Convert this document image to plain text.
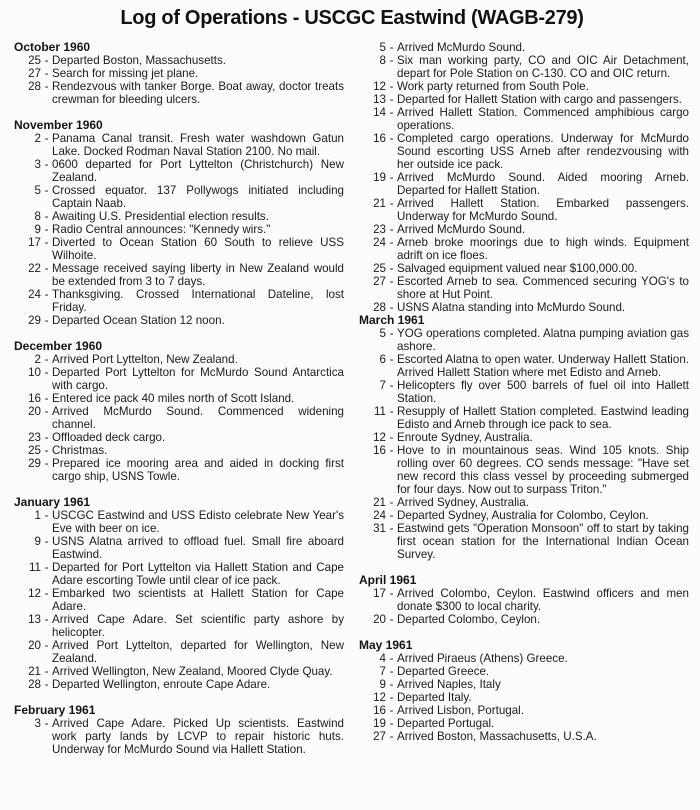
Log of Operations - USCGC Eastwind (WAGB-279)
October 1960
25 - Departed Boston, Massachusetts.
27 - Search for missing jet plane.
28 - Rendezvous with tanker Borge. Boat away, doctor treats crewman for bleeding ulcers.
November 1960
2 - Panama Canal transit. Fresh water washdown Gatun Lake. Docked Rodman Naval Station 2100. No mail.
3 - 0600 departed for Port Lyttelton (Christchurch) New Zealand.
5 - Crossed equator. 137 Pollywogs initiated including Captain Naab.
8 - Awaiting U.S. Presidential election results.
9 - Radio Central announces: "Kennedy wirs."
17 - Diverted to Ocean Station 60 South to relieve USS Wilhoite.
22 - Message received saying liberty in New Zealand would be extended from 3 to 7 days.
24 - Thanksgiving. Crossed International Dateline, lost Friday.
29 - Departed Ocean Station 12 noon.
December 1960
2 - Arrived Port Lyttelton, New Zealand.
10 - Departed Port Lyttelton for McMurdo Sound Antarctica with cargo.
16 - Entered ice pack 40 miles north of Scott Island.
20 - Arrived McMurdo Sound. Commenced widening channel.
23 - Offloaded deck cargo.
25 - Christmas.
29 - Prepared ice mooring area and aided in docking first cargo ship, USNS Towle.
January 1961
1 - USCGC Eastwind and USS Edisto celebrate New Year's Eve with beer on ice.
9 - USNS Alatna arrived to offload fuel. Small fire aboard Eastwind.
11 - Departed for Port Lyttelton via Hallett Station and Cape Adare escorting Towle until clear of ice pack.
12 - Embarked two scientists at Hallett Station for Cape Adare.
13 - Arrived Cape Adare. Set scientific party ashore by helicopter.
20 - Arrived Port Lyttelton, departed for Wellington, New Zealand.
21 - Arrived Wellington, New Zealand, Moored Clyde Quay.
28 - Departed Wellington, enroute Cape Adare.
February 1961
3 - Arrived Cape Adare. Picked Up scientists. Eastwind work party lands by LCVP to repair historic huts. Underway for McMurdo Sound via Hallett Station.
5 - Arrived McMurdo Sound.
8 - Six man working party, CO and OIC Air Detachment, depart for Pole Station on C-130. CO and OIC return.
12 - Work party returned from South Pole.
13 - Departed for Hallett Station with cargo and passengers.
14 - Arrived Hallett Station. Commenced amphibious cargo operations.
16 - Completed cargo operations. Underway for McMurdo Sound escorting USS Arneb after rendezvousing with her outside ice pack.
19 - Arrived McMurdo Sound. Aided mooring Arneb. Departed for Hallett Station.
21 - Arrived Hallett Station. Embarked passengers. Underway for McMurdo Sound.
23 - Arrived McMurdo Sound.
24 - Arneb broke moorings due to high winds. Equipment adrift on ice floes.
25 - Salvaged equipment valued near $100,000.00.
27 - Escorted Arneb to sea. Commenced securing YOG's to shore at Hut Point.
28 - USNS Alatna standing into McMurdo Sound.
March 1961
5 - YOG operations completed. Alatna pumping aviation gas ashore.
6 - Escorted Alatna to open water. Underway Hallett Station. Arrived Hallett Station where met Edisto and Arneb.
7 - Helicopters fly over 500 barrels of fuel oil into Hallett Station.
11 - Resupply of Hallett Station completed. Eastwind leading Edisto and Arneb through ice pack to sea.
12 - Enroute Sydney, Australia.
16 - Hove to in mountainous seas. Wind 105 knots. Ship rolling over 60 degrees. CO sends message: "Have set new record this class vessel by proceeding submerged for four days. Now out to surpass Triton."
21 - Arrived Sydney, Australia.
24 - Departed Sydney, Australia for Colombo, Ceylon.
31 - Eastwind gets "Operation Monsoon" off to start by taking first ocean station for the International Indian Ocean Survey.
April 1961
17 - Arrived Colombo, Ceylon. Eastwind officers and men donate $300 to local charity.
20 - Departed Colombo, Ceylon.
May 1961
4 - Arrived Piraeus (Athens) Greece.
7 - Departed Greece.
9 - Arrived Naples, Italy
12 - Departed Italy.
16 - Arrived Lisbon, Portugal.
19 - Departed Portugal.
27 - Arrived Boston, Massachusetts, U.S.A.
